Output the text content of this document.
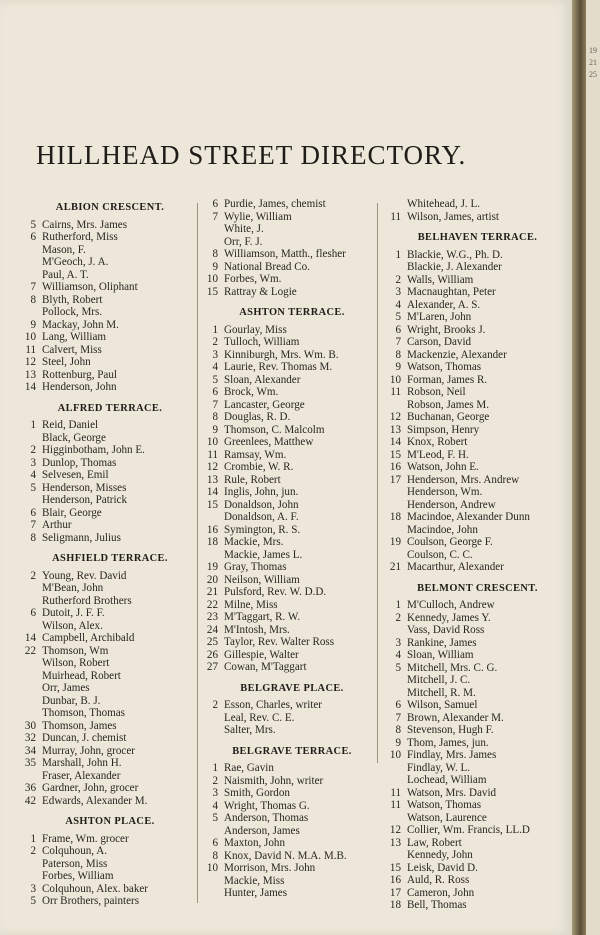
HILLHEAD STREET DIRECTORY.
ALBION CRESCENT.
5 Cairns, Mrs. James
6 Rutherford, Miss
Mason, F.
M'Geoch, J. A.
Paul, A. T.
7 Williamson, Oliphant
8 Blyth, Robert
Pollock, Mrs.
9 Mackay, John M.
10 Lang, William
11 Calvert, Miss
12 Steel, John
13 Rottenburg, Paul
14 Henderson, John
ALFRED TERRACE.
1 Reid, Daniel
Black, George
2 Higginbotham, John E.
3 Dunlop, Thomas
4 Selvesen, Emil
5 Henderson, Misses
Henderson, Patrick
6 Blair, George
7 Arthur
8 Seligmann, Julius
ASHFIELD TERRACE.
2 Young, Rev. David
M'Bean, John
Rutherford Brothers
6 Dutoit, J. F. F.
Wilson, Alex.
14 Campbell, Archibald
22 Thomson, Wm
Wilson, Robert
Muirhead, Robert
Orr, James
Dunbar, B. J.
Thomson, Thomas
30 Thomson, James
32 Duncan, J. chemist
34 Murray, John, grocer
35 Marshall, John H.
Fraser, Alexander
36 Gardner, John, grocer
42 Edwards, Alexander M.
ASHTON PLACE.
1 Frame, Wm. grocer
2 Colquhoun, A.
Paterson, Miss
Forbes, William
3 Colquhoun, Alex. baker
5 Orr Brothers, painters
6 Purdie, James, chemist
7 Wylie, William
White, J.
Orr, F. J.
8 Williamson, Matth., flesher
9 National Bread Co.
10 Forbes, Wm.
15 Rattray & Logie
ASHTON TERRACE.
1 Gourlay, Miss
2 Tulloch, William
3 Kinniburgh, Mrs. Wm. B.
4 Laurie, Rev. Thomas M.
5 Sloan, Alexander
6 Brock, Wm.
7 Lancaster, George
8 Douglas, R. D.
9 Thomson, C. Malcolm
10 Greenlees, Matthew
11 Ramsay, Wm.
12 Crombie, W. R.
13 Rule, Robert
14 Inglis, John, jun.
15 Donaldson, John
Donaldson, A. F.
16 Symington, R. S.
18 Mackie, Mrs.
Mackie, James L.
19 Gray, Thomas
20 Neilson, William
21 Pulsford, Rev. W. D.D.
22 Milne, Miss
23 M'Taggart, R. W.
24 M'Intosh, Mrs.
25 Taylor, Rev. Walter Ross
26 Gillespie, Walter
27 Cowan, M'Taggart
BELGRAVE PLACE.
2 Esson, Charles, writer
Leal, Rev. C. E.
Salter, Mrs.
BELGRAVE TERRACE.
1 Rae, Gavin
2 Naismith, John, writer
3 Smith, Gordon
4 Wright, Thomas G.
5 Anderson, Thomas
Anderson, James
6 Maxton, John
8 Knox, David N. M.A. M.B.
10 Morrison, Mrs. John
Mackie, Miss
Hunter, James
Whitehead, J. L.
11 Wilson, James, artist
BELHAVEN TERRACE.
1 Blackie, W.G., Ph. D.
Blackie, J. Alexander
2 Walls, William
3 Macnaughtan, Peter
4 Alexander, A. S.
5 M'Laren, John
6 Wright, Brooks J.
7 Carson, David
8 Mackenzie, Alexander
9 Watson, Thomas
10 Forman, James R.
11 Robson, Neil
Robson, James M.
12 Buchanan, George
13 Simpson, Henry
14 Knox, Robert
15 M'Leod, F. H.
16 Watson, John E.
17 Henderson, Mrs. Andrew
Henderson, Wm.
Henderson, Andrew
18 Macindoe, Alexander Dunn
Macindoe, John
19 Coulson, George F.
Coulson, C. C.
21 Macarthur, Alexander
BELMONT CRESCENT.
1 M'Culloch, Andrew
2 Kennedy, James Y.
Vass, David Ross
3 Rankine, James
4 Sloan, William
5 Mitchell, Mrs. C. G.
Mitchell, J. C.
Mitchell, R. M.
6 Wilson, Samuel
7 Brown, Alexander M.
8 Stevenson, Hugh F.
9 Thom, James, jun.
10 Findlay, Mrs. James
Findlay, W. L.
Lochead, William
11 Watson, Mrs. David
11 Watson, Thomas
Watson, Laurence
12 Collier, Wm. Francis, LL.D
13 Law, Robert
Kennedy, John
15 Leisk, David D.
16 Auld, R. Ross
17 Cameron, John
18 Bell, Thomas
19
21
25
